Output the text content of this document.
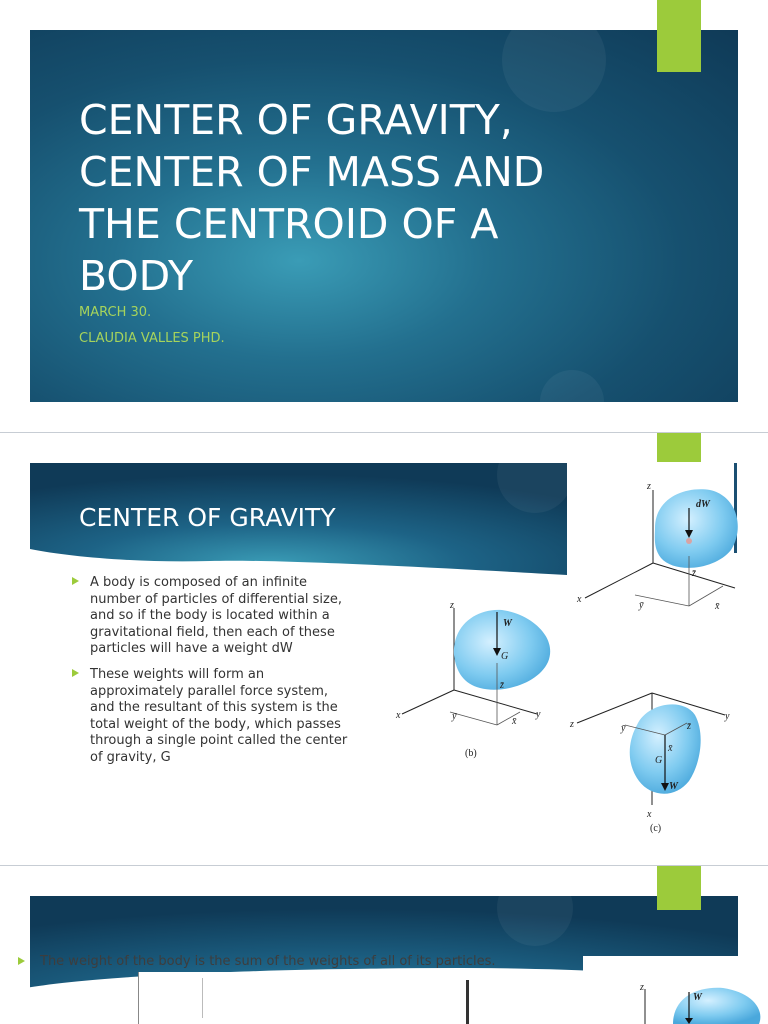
CENTER OF GRAVITY, CENTER OF MASS AND THE CENTROID OF A BODY
MARCH 30.
CLAUDIA VALLES PHD.
CENTER OF GRAVITY
A body is composed of an infinite number of particles of differential size, and so if the body is located within a gravitational field, then each of these particles will have a weight dW
These weights will form an approximately parallel force system, and the resultant of this system is the total weight of the body, which passes through a single point called the center of gravity, G
z
dW
x
ȳ	x̄
z̄
z
W
G
z̄
x	ȳ	x̄
y
(b)
z
y
ȳ
x̄
z̄
G
W
x
(c)
The weight of the body is the sum of the weights of all of its particles.
z
W
